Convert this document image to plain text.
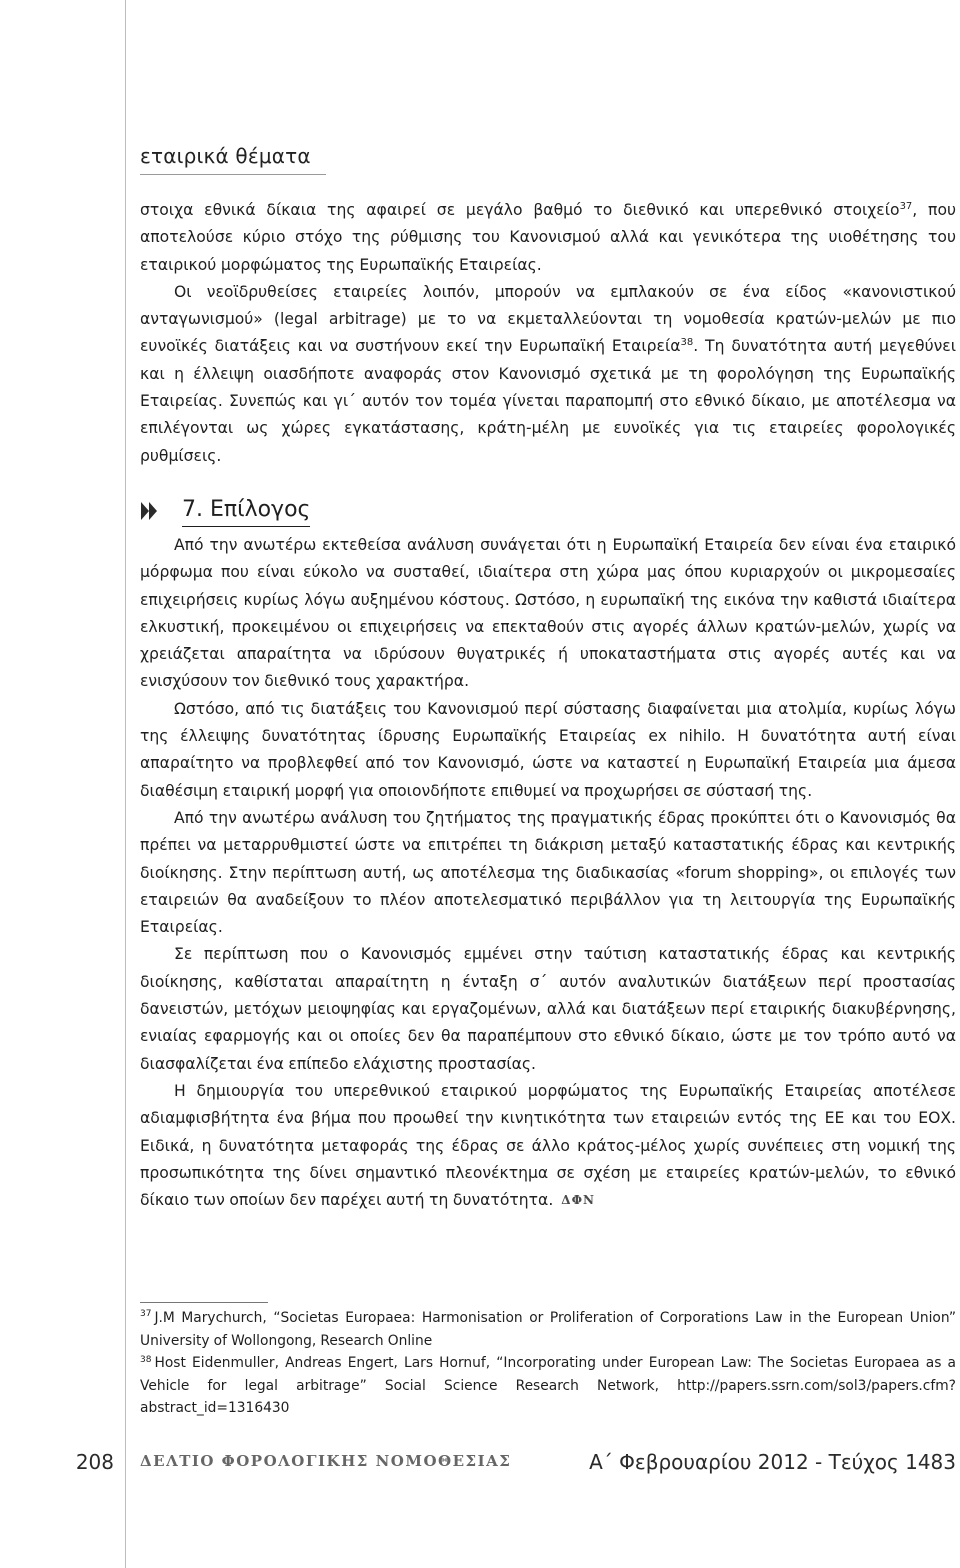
εταιρικά θέματα

στοιχα εθνικά δίκαια της αφαιρεί σε μεγάλο βαθμό το διεθνικό και υπερεθνικό στοιχείο$^{37}$, που αποτελούσε κύριο στόχο της ρύθμισης του Κανονισμού αλλά και γενικότερα της υιοθέτησης του εταιρικού μορφώματος της Ευρωπαϊκής Εταιρείας.

Οι νεοϊδρυθείσες εταιρείες λοιπόν, μπορούν να εμπλακούν σε ένα είδος «κανονιστικού ανταγωνισμού» (legal arbitrage) με το να εκμεταλλεύονται τη νομοθεσία κρατών-μελών με πιο ευνοϊκές διατάξεις και να συστήνουν εκεί την Ευρωπαϊκή Εταιρεία$^{38}$. Τη δυνατότητα αυτή μεγεθύνει και η έλλειψη οιασδήποτε αναφοράς στον Κανονισμό σχετικά με τη φορολόγηση της Ευρωπαϊκής Εταιρείας. Συνεπώς και γι΄ αυτόν τον τομέα γίνεται παραπομπή στο εθνικό δίκαιο, με αποτέλεσμα να επιλέγονται ως χώρες εγκατάστασης, κράτη-μέλη με ευνοϊκές για τις εταιρείες φορολογικές ρυθμίσεις.

7. Επίλογος

Από την ανωτέρω εκτεθείσα ανάλυση συνάγεται ότι η Ευρωπαϊκή Εταιρεία δεν είναι ένα εταιρικό μόρφωμα που είναι εύκολο να συσταθεί, ιδιαίτερα στη χώρα μας όπου κυριαρχούν οι μικρομεσαίες επιχειρήσεις κυρίως λόγω αυξημένου κόστους. Ωστόσο, η ευρωπαϊκή της εικόνα την καθιστά ιδιαίτερα ελκυστική, προκειμένου οι επιχειρήσεις να επεκταθούν στις αγορές άλλων κρατών-μελών, χωρίς να χρειάζεται απαραίτητα να ιδρύσουν θυγατρικές ή υποκαταστήματα στις αγορές αυτές και να ενισχύσουν τον διεθνικό τους χαρακτήρα.

Ωστόσο, από τις διατάξεις του Κανονισμού περί σύστασης διαφαίνεται μια ατολμία, κυρίως λόγω της έλλειψης δυνατότητας ίδρυσης Ευρωπαϊκής Εταιρείας ex nihilo. Η δυνατότητα αυτή είναι απαραίτητο να προβλεφθεί από τον Κανονισμό, ώστε να καταστεί η Ευρωπαϊκή Εταιρεία μια άμεσα διαθέσιμη εταιρική μορφή για οποιονδήποτε επιθυμεί να προχωρήσει σε σύστασή της.

Από την ανωτέρω ανάλυση του ζητήματος της πραγματικής έδρας προκύπτει ότι ο Κανονισμός θα πρέπει να μεταρρυθμιστεί ώστε να επιτρέπει τη διάκριση μεταξύ καταστατικής έδρας και κεντρικής διοίκησης. Στην περίπτωση αυτή, ως αποτέλεσμα της διαδικασίας «forum shopping», οι επιλογές των εταιρειών θα αναδείξουν το πλέον αποτελεσματικό περιβάλλον για τη λειτουργία της Ευρωπαϊκής Εταιρείας.

Σε περίπτωση που ο Κανονισμός εμμένει στην ταύτιση καταστατικής έδρας και κεντρικής διοίκησης, καθίσταται απαραίτητη η ένταξη σ΄ αυτόν αναλυτικών διατάξεων περί προστασίας δανειστών, μετόχων μειοψηφίας και εργαζομένων, αλλά και διατάξεων περί εταιρικής διακυβέρνησης, ενιαίας εφαρμογής και οι οποίες δεν θα παραπέμπουν στο εθνικό δίκαιο, ώστε με τον τρόπο αυτό να διασφαλίζεται ένα επίπεδο ελάχιστης προστασίας.

Η δημιουργία του υπερεθνικού εταιρικού μορφώματος της Ευρωπαϊκής Εταιρείας αποτέλεσε αδιαμφισβήτητα ένα βήμα που προωθεί την κινητικότητα των εταιρειών εντός της ΕΕ και του ΕΟΧ. Ειδικά, η δυνατότητα μεταφοράς της έδρας σε άλλο κράτος-μέλος χωρίς συνέπειες στη νομική της προσωπικότητα της δίνει σημαντικό πλεονέκτημα σε σχέση με εταιρείες κρατών-μελών, το εθνικό δίκαιο των οποίων δεν παρέχει αυτή τη δυνατότητα. ΔΦΝ

$^{37}$ J.M Marychurch, “Societas Europaea: Harmonisation or Proliferation of Corporations Law in the European Union” University of Wollongong, Research Online

$^{38}$ Host Eidenmuller, Andreas Engert, Lars Hornuf, “Incorporating under European Law: The Societas Europaea as a Vehicle for legal arbitrage” Social Science Research Network, http://papers.ssrn.com/sol3/papers.cfm?abstract_id=1316430

208 ΔΕΛΤΙΟ ΦΟΡΟΛΟΓΙΚΗΣ ΝΟΜΟΘΕΣΙΑΣ	Α΄ Φεβρουαρίου 2012 - Τεύχος 1483
